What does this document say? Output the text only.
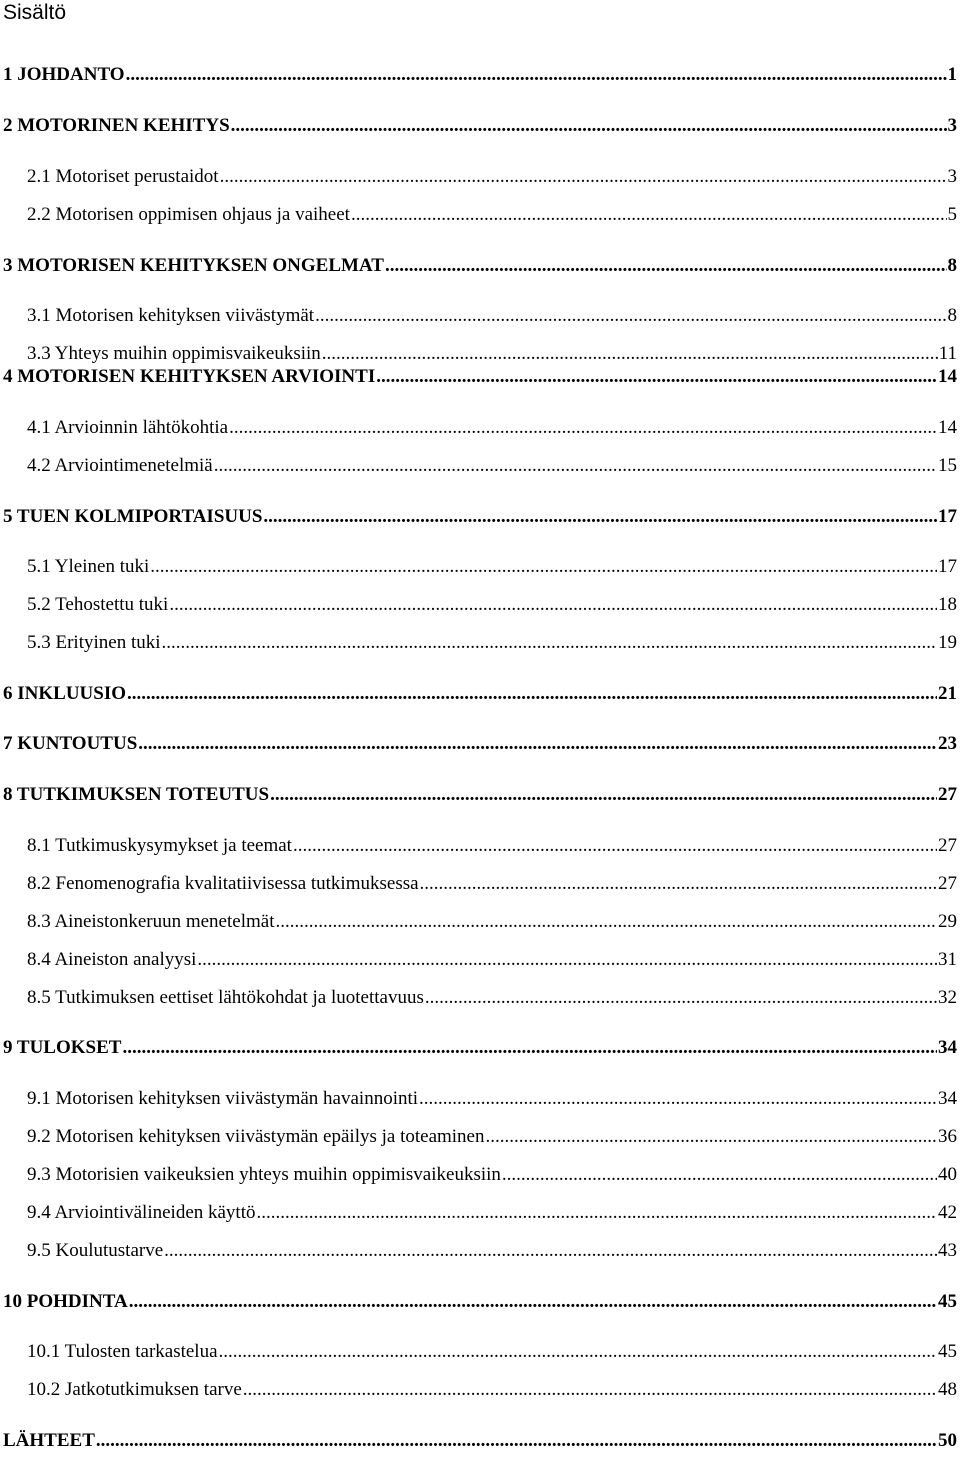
Sisältö
1 JOHDANTO .....	1
2 MOTORINEN KEHITYS .....	3
2.1 Motoriset perustaidot .....	3
2.2 Motorisen oppimisen ohjaus ja vaiheet .....	5
3 MOTORISEN KEHITYKSEN ONGELMAT .....	8
3.1 Motorisen kehityksen viivästymät .....	8
3.3 Yhteys muihin oppimisvaikeuksiin .....	11
4 MOTORISEN KEHITYKSEN ARVIOINTI .....	14
4.1 Arvioinnin lähtökohtia .....	14
4.2 Arviointimenetelmiä .....	15
5 TUEN KOLMIPORTAISUUS .....	17
5.1 Yleinen tuki .....	17
5.2 Tehostettu tuki .....	18
5.3 Erityinen tuki .....	19
6 INKLUUSIO .....	21
7 KUNTOUTUS .....	23
8 TUTKIMUKSEN TOTEUTUS .....	27
8.1 Tutkimuskysymykset ja teemat .....	27
8.2 Fenomenografia kvalitatiivisessa tutkimuksessa .....	27
8.3 Aineistonkeruun menetelmät .....	29
8.4 Aineiston analyysi .....	31
8.5 Tutkimuksen eettiset lähtökohdat ja luotettavuus .....	32
9 TULOKSET .....	34
9.1 Motorisen kehityksen viivästymän havainnointi .....	34
9.2 Motorisen kehityksen viivästymän epäilys ja toteaminen .....	36
9.3 Motorisien vaikeuksien yhteys muihin oppimisvaikeuksiin .....	40
9.4 Arviointivälineiden käyttö .....	42
9.5 Koulutustarve .....	43
10 POHDINTA .....	45
10.1 Tulosten tarkastelua .....	45
10.2 Jatkotutkimuksen tarve .....	48
LÄHTEET .....	50
